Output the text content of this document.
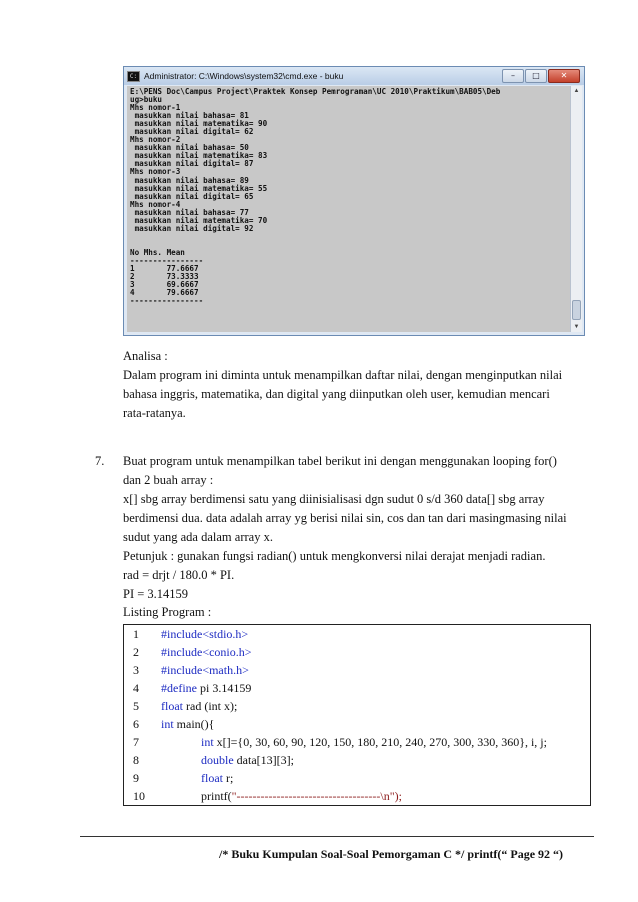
C: Administrator: C:\Windows\system32\cmd.exe - buku	–	□	✕
E:\PENS Doc\Campus Project\Praktek Konsep Pemrograman\UC 2010\Praktikum\BAB05\Deb
ug>buku
Mhs nomor-1
masukkan nilai bahasa= 81
masukkan nilai matematika= 90
masukkan nilai digital= 62
Mhs nomor-2
masukkan nilai bahasa= 50
masukkan nilai matematika= 83
masukkan nilai digital= 87
Mhs nomor-3
masukkan nilai bahasa= 89
masukkan nilai matematika= 55
masukkan nilai digital= 65
Mhs nomor-4
masukkan nilai bahasa= 77
masukkan nilai matematika= 70
masukkan nilai digital= 92

No Mhs. Mean
----------------
1       77.6667
2       73.3333
3       69.6667
4       79.6667
----------------
▲
▼

Analisa :

Dalam program ini diminta untuk menampilkan daftar nilai, dengan menginputkan nilai

bahasa inggris, matematika, dan digital yang diinputkan oleh user, kemudian mencari

rata-ratanya.

7. Buat program untuk menampilkan tabel berikut ini dengan menggunakan looping for()

dan 2 buah array :

x[] sbg array berdimensi satu yang diinisialisasi dgn sudut 0 s/d 360 data[] sbg array

berdimensi dua. data adalah array yg berisi nilai sin, cos dan tan dari masingmasing nilai

sudut yang ada dalam array x.

Petunjuk : gunakan fungsi radian() untuk mengkonversi nilai derajat menjadi radian.

rad = drjt / 180.0 * PI.

PI = 3.14159

Listing Program :
1	#include<stdio.h>
2	#include<conio.h>
3	#include<math.h>
4	#define pi 3.14159
5	float rad (int x);
6	int main(){
7	int x[]={0, 30, 60, 90, 120, 150, 180, 210, 240, 270, 300, 330, 360}, i, j;
8	double data[13][3];
9	float r;
10	printf("------------------------------------\n");
/* Buku Kumpulan Soal-Soal Pemorgaman C */ printf(“ Page 92 “)
